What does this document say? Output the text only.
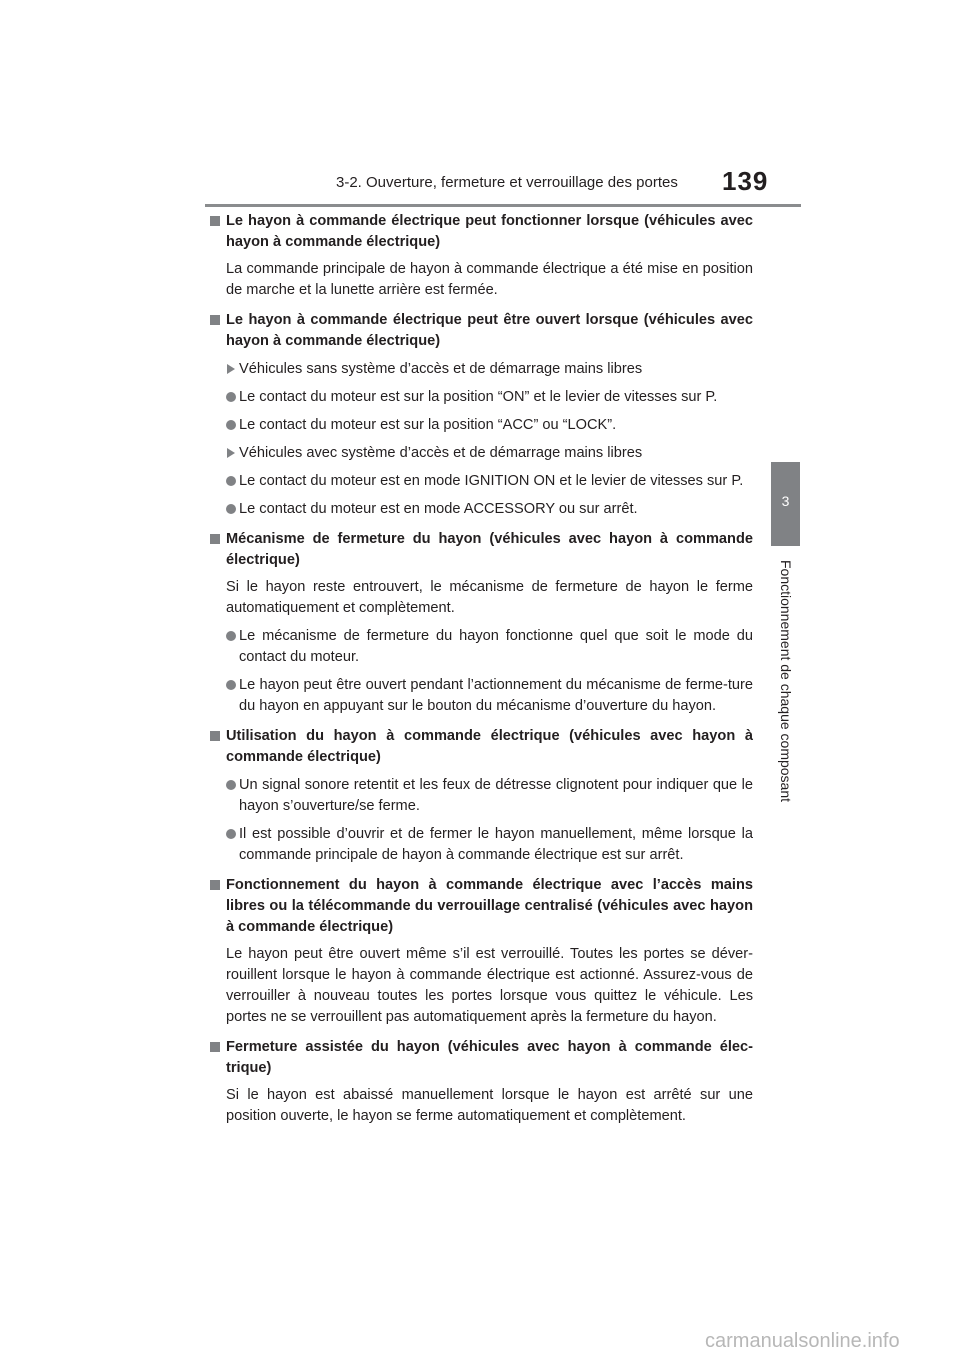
3-2. Ouverture, fermeture et verrouillage des portes 139
3
Fonctionnement de chaque composant
Le hayon à commande électrique peut fonctionner lorsque (véhicules avec hayon à commande électrique)
La commande principale de hayon à commande électrique a été mise en position de marche et la lunette arrière est fermée.
Le hayon à commande électrique peut être ouvert lorsque (véhicules avec hayon à commande électrique)
Véhicules sans système d’accès et de démarrage mains libres
Le contact du moteur est sur la position “ON” et le levier de vitesses sur P.
Le contact du moteur est sur la position “ACC” ou “LOCK”.
Véhicules avec système d’accès et de démarrage mains libres
Le contact du moteur est en mode IGNITION ON et le levier de vitesses sur P.
Le contact du moteur est en mode ACCESSORY ou sur arrêt.
Mécanisme de fermeture du hayon (véhicules avec hayon à commande électrique)
Si le hayon reste entrouvert, le mécanisme de fermeture de hayon le ferme automatiquement et complètement.
Le mécanisme de fermeture du hayon fonctionne quel que soit le mode du contact du moteur.
Le hayon peut être ouvert pendant l’actionnement du mécanisme de ferme-ture du hayon en appuyant sur le bouton du mécanisme d’ouverture du hayon.
Utilisation du hayon à commande électrique (véhicules avec hayon à commande électrique)
Un signal sonore retentit et les feux de détresse clignotent pour indiquer que le hayon s’ouverture/se ferme.
Il est possible d’ouvrir et de fermer le hayon manuellement, même lorsque la commande principale de hayon à commande électrique est sur arrêt.
Fonctionnement du hayon à commande électrique avec l’accès mains libres ou la télécommande du verrouillage centralisé (véhicules avec hayon à commande électrique)
Le hayon peut être ouvert même s’il est verrouillé. Toutes les portes se déver-rouillent lorsque le hayon à commande électrique est actionné. Assurez-vous de verrouiller à nouveau toutes les portes lorsque vous quittez le véhicule. Les portes ne se verrouillent pas automatiquement après la fermeture du hayon.
Fermeture assistée du hayon (véhicules avec hayon à commande élec-trique)
Si le hayon est abaissé manuellement lorsque le hayon est arrêté sur une position ouverte, le hayon se ferme automatiquement et complètement.
carmanualsonline.info
